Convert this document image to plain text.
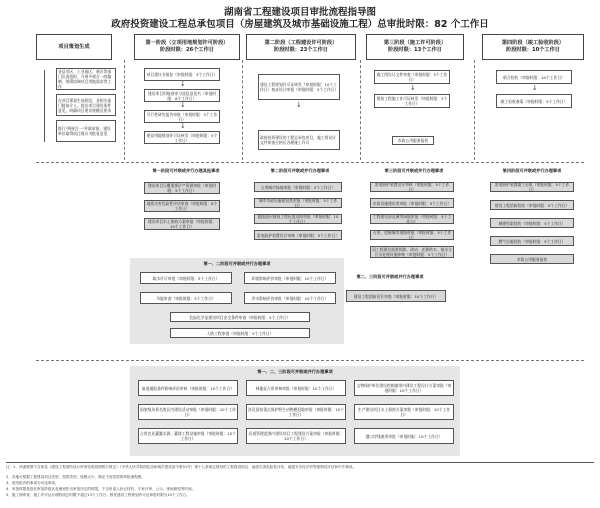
湖南省工程建设项目审批流程指导图
政府投资建设工程总承包项目（房屋建筑及城市基础设施工程）总审批时限：82 个工作日
项目策划生成
第一阶段（立项用地规划许可阶段）
阶段时限：26个工作日
第二阶段（工程建设许可阶段）
阶段时限：23个工作日
第三阶段（施工许可阶段）
阶段时限：13个工作日
第四阶段（竣工验收阶段）
阶段时限：10个工作日
各县市区、工业园区、新区等部门负责组织，开展多规合一的编制，统筹协调项目用地需求等工作
在项目策划生成阶段，各相关部门提前介入，提出项目建设条件意见，明确项目建设规模及要求
推行"两规合一"并联审批，建设单位取得项目建议书批复意见
项目建议书批复（审批时限：3个工作日）
建设项目用地预审与选址意见书（审批时限：8个工作日）
可行性研究报告审批（审批时限：5个工作日）
建设用地规划许可证核发（审批时限：5个工作日）
↓
↓
↓
建设工程规划许可证核发（审批时限：10个工作日）初步设计审批（审批时限：5个工作日）
政府投资建设的工程总承包项目，施工图设计文件审查合格后办理施工许可
↓
施工图设计文件审查（审批时限：5个工作日）
建筑工程施工许可证核发（审批时限：3个工作日）
市政公用服务报装
↓
联合验收（审批时限：10个工作日）
竣工验收备案（审批时限：5个工作日）
↓
第一阶段可并联或并行办理其他事项	第二阶段可并联或并行办理事项	第三阶段可并联或并行办理事项	第四阶段可并联或并行办理事项
建设项目压覆重要矿产资源审批（审批时限：5个工作日）
地质灾害危险性评估审查（审批时限：8个工作日）
建设项目水土保持方案审批（审批时限：10个工作日）
占用城市绿地审批（审批时限：5个工作日）
城市市政设施建设类审批（审批时限：5个工作日）
超限高层建筑工程抗震设防审批（审批时限：10个工作日）
雷电防护装置设计审核（审批时限：5个工作日）
雷电防护装置设计审核（审批时限：5个工作日）
市政设施建设类审批（审批时限：5个工作日）
工程建设涉及城市绿地审批（审批时限：5个工作日）
占用、挖掘城市道路审批（审批时限：5个工作日）
因工程建设需要拆除、改动、迁移供水、排水与污水处理设施审核（审批时限：5个工作日）
雷电防护装置竣工验收（审批时限：5个工作日）
建设工程消防验收（审批时限：5个工作日）
城建档案验收（审批时限：5个工作日）
燃气设施验收（审批时限：5个工作日）
市政公用服务报装
第一、二阶段可并联或并行办理事项
取水许可审批（审批时限：5个工作日）	环境影响评价审批（审批时限：10个工作日）
节能审查（审批时限：5个工作日）	洪水影响评价审批（审批时限：10个工作日）
危险化学品建设项目安全条件审查（审批时限：5个工作日）
人防工程审批（审批时限：5个工作日）
第二、三阶段可并联或并行办理事项
建设工程消防设计审查（审批时限：10个工作日）
第一、二、三阶段可并联或并行办理事项
航道通航条件影响评价审核（审批时限：10个工作日）	林地征占用审核审批（审批时限：10个工作日）	文物保护单位建设控制地带内建设工程设计方案审批（审批时限：10个工作日）
国家级风景名胜区内建设活动审批（审批时限：10个工作日）
涉及国家重点保护野生动物栖息地审批（审批时限：10个工作日）
生产建设项目水土保持方案审批（审批时限：10个工作日）
占用农业灌溉水源、灌排工程设施审批（审批时限：10个工作日）
河道管理范围内建设项目工程建设方案审批（审批时限：10个工作日）	港口岸线使用审批（审批时限：10个工作日）
注：1、该流程图不含涉及《建设工程消防设计审查验收管理暂行规定》（中华人民共和国住房和城乡建设部令第51号）第十七条规定情形的工程建设项目、地质灾害危险性评估、地震安全性评价等强制性评估和中介事项。
2、各地可根据工程建设项目类型、投资类别、规模大小、制定不同类型的审批流程图。
3、虚线框内的事项为可选事项。
4、审批时限是指在审批阶段从受理到作出审批决定的时限，不含申请人补正材料、专家评审、公示、现场勘验等时间。
5、施工图审查、施工许可证办理阶段总时限不超过13个工作日；核发建设工程规划许可证审批时限为10个工作日。
